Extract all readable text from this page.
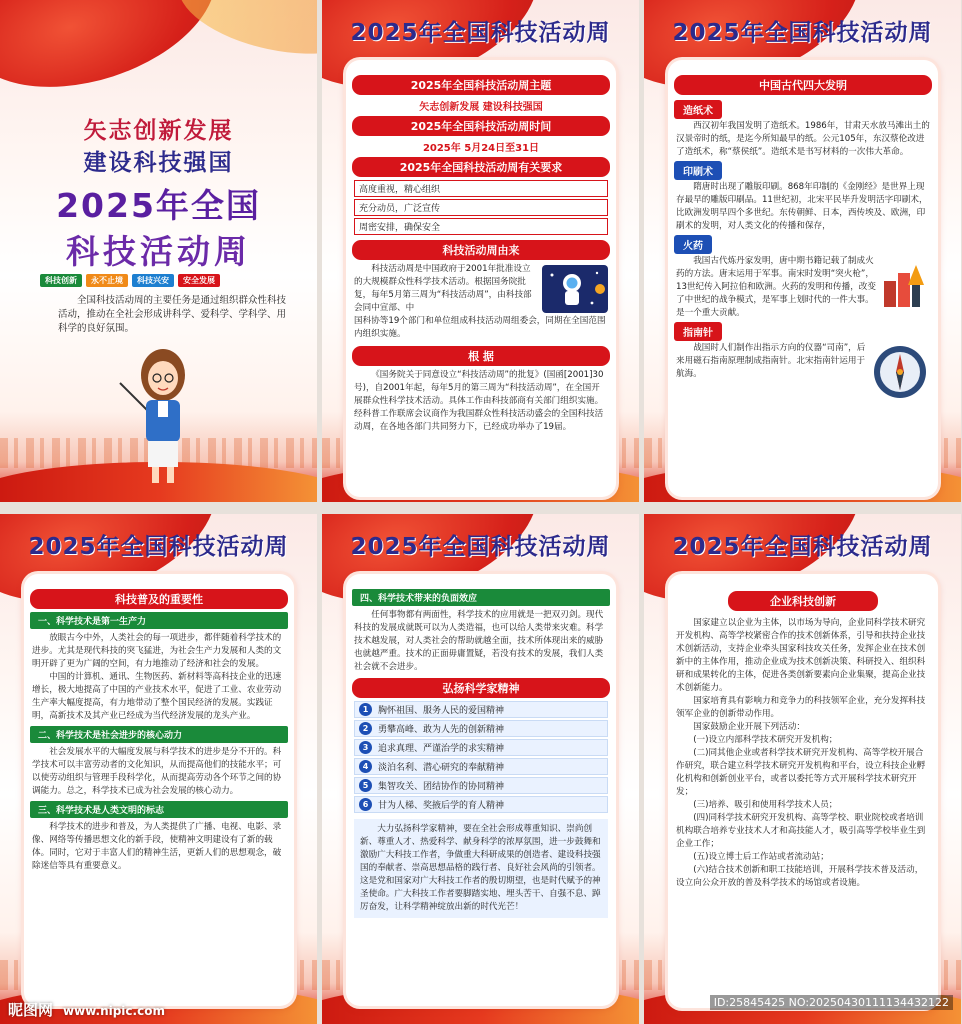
矢志创新发展
建设科技强国
2025年全国
科技活动周
科技创新	永不止境	科技兴安	安全发展
全国科技活动周的主要任务是通过组织群众性科技活动，推动在全社会形成讲科学、爱科学、学科学、用科学的良好氛围。
2025年全国科技活动周
2025年全国科技活动周主题
矢志创新发展 建设科技强国
2025年全国科技活动周时间
2025年 5月24日至31日
2025年全国科技活动周有关要求
高度重视，精心组织
充分动员，广泛宣传
周密安排，确保安全
科技活动周由来

科技活动周是中国政府于2001年批准设立的大规模群众性科学技术活动。根据国务院批复，每年5月第三周为“科技活动周”，由科技部会同中宣部、中

国科协等19个部门和单位组成科技活动周组委会，同期在全国范围内组织实施。

根 据

《国务院关于同意设立“科技活动周”的批复》(国函[2001]30号)，自2001年起，每年5月的第三周为“科技活动周”，在全国开展群众性科学技术活动。具体工作由科技部商有关部门组织实施。经科普工作联席会议商作为我国群众性科技活动盛会的全国科技活动周，在各地各部门共同努力下，已经成功举办了19届。

2025年全国科技活动周
中国古代四大发明
造纸术

西汉初年我国发明了造纸术。1986年，甘肃天水放马滩出土的汉景帝时的纸，是迄今所知最早的纸。公元105年，东汉蔡伦改进了造纸术，称“蔡侯纸”。造纸术是书写材料的一次伟大革命。

印刷术

隋唐时出现了雕版印刷。868年印制的《金刚经》是世界上现存最早的雕版印刷品。11世纪初，北宋平民毕升发明活字印刷术，比欧洲发明早四个多世纪。东传朝鲜、日本，西传埃及、欧洲，印刷术的发明，对人类文化的传播和保存，

火药

我国古代炼丹家发明，唐中期书籍记载了制成火药的方法。唐末运用于军事。南宋时发明“突火枪”，13世纪传入阿拉伯和欧洲。火药的发明和传播，改变了中世纪的战争模式，是军事上划时代的一件大事。是一个重大贡献。

指南针

战国时人们制作出指示方向的仪器“司南”，后来用磁石指南原理制成指南针。北宋指南针运用于航海。

2025年全国科技活动周
科技普及的重要性
一、科学技术是第一生产力

放眼古今中外，人类社会的每一项进步，都伴随着科学技术的进步。尤其是现代科技的突飞猛进，为社会生产力发展和人类的文明开辟了更为广阔的空间，有力地推动了经济和社会的发展。

中国的计算机、通讯、生物医药、新材料等高科技企业的迅速增长，极大地提高了中国的产业技术水平，促进了工业、农业劳动生产率大幅度提高，有力地带动了整个国民经济的发展。实践证明，高新技术及其产业已经成为当代经济发展的龙头产业。

二、科学技术是社会进步的核心动力

社会发展水平的大幅度发展与科学技术的进步是分不开的。科学技术可以丰富劳动者的文化知识，从而提高他们的技能水平；可以使劳动组织与管理手段科学化，从而提高劳动各个环节之间的协调能力。总之，科学技术已成为社会发展的核心动力。

三、科学技术是人类文明的标志

科学技术的进步和普及，为人类提供了广播、电视、电影、录像、网络等传播思想文化的新手段，使精神文明建设有了新的载体。同时，它对于丰富人们的精神生活，更新人们的思想观念，破除迷信等具有重要意义。

昵图网 www.nipic.com
2025年全国科技活动周
四、科学技术带来的负面效应

任何事物都有两面性，科学技术的应用就是一把双刃剑。现代科技的发展成就既可以为人类造福，也可以给人类带来灾难。科学技术越发展，对人类社会的帮助就越全面，技术所体现出来的威胁也就越严重。技术的正面毋庸置疑，若没有技术的发展，我们人类社会就不会进步。

弘扬科学家精神
1	胸怀祖国、服务人民的爱国精神
2	勇攀高峰、敢为人先的创新精神
3	追求真理、严谨治学的求实精神
4	淡泊名利、潜心研究的奉献精神
5	集智攻关、团结协作的协同精神
6	甘为人梯、奖掖后学的育人精神

大力弘扬科学家精神，要在全社会形成尊重知识、崇尚创新、尊重人才、热爱科学、献身科学的浓厚氛围，进一步鼓舞和激励广大科技工作者，争做重大科研成果的创造者、建设科技强国的奉献者、崇高思想品格的践行者、良好社会风尚的引领者。这是党和国家对广大科技工作者的殷切期望，也是时代赋予的神圣使命。广大科技工作者要脚踏实地、埋头苦干、自强不息、踔厉奋发，让科学精神绽放出新的时代光芒！

2025年全国科技活动周
企业科技创新

国家建立以企业为主体，以市场为导向，企业同科学技术研究开发机构、高等学校紧密合作的技术创新体系，引导和扶持企业技术创新活动，支持企业牵头国家科技攻关任务，发挥企业在技术创新中的主体作用，推动企业成为技术创新决策、科研投入、组织科研和成果转化的主体，促进各类创新要素向企业集聚，提高企业技术创新能力。

国家培育具有影响力和竞争力的科技领军企业，充分发挥科技领军企业的创新带动作用。

国家鼓励企业开展下列活动：

(一)设立内部科学技术研究开发机构；

(二)同其他企业或者科学技术研究开发机构、高等学校开展合作研究，联合建立科学技术研究开发机构和平台，设立科技企业孵化机构和创新创业平台，或者以委托等方式开展科学技术研究开发；

(三)培养、吸引和使用科学技术人员；

(四)同科学技术研究开发机构、高等学校、职业院校或者培训机构联合培养专业技术人才和高技能人才，吸引高等学校毕业生到企业工作；

(五)设立博士后工作站或者流动站；

(六)结合技术创新和职工技能培训，开展科学技术普及活动，设立向公众开放的普及科学技术的场馆或者设施。

ID:25845425 NO:20250430111134432122
